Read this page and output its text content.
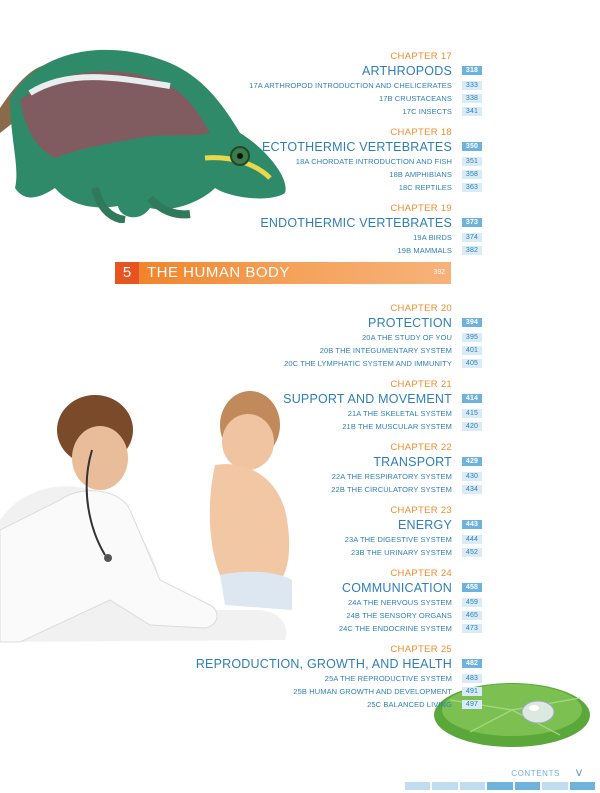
CHAPTER 17
ARTHROPODS	318
17A ARTHROPOD INTRODUCTION AND CHELICERATES	333
17B CRUSTACEANS	338
17C INSECTS	341
CHAPTER 18
ECTOTHERMIC VERTEBRATES	350
18A CHORDATE INTRODUCTION AND FISH	351
18B AMPHIBIANS	358
18C REPTILES	363
CHAPTER 19
ENDOTHERMIC VERTEBRATES	373
19A BIRDS	374
19B MAMMALS	382
5	THE HUMAN BODY	392
CHAPTER 20
PROTECTION	394
20A THE STUDY OF YOU	395
20B THE INTEGUMENTARY SYSTEM	401
20C THE LYMPHATIC SYSTEM AND IMMUNITY	405
CHAPTER 21
SUPPORT AND MOVEMENT	414
21A THE SKELETAL SYSTEM	415
21B THE MUSCULAR SYSTEM	420
CHAPTER 22
TRANSPORT	429
22A THE RESPIRATORY SYSTEM	430
22B THE CIRCULATORY SYSTEM	434
CHAPTER 23
ENERGY	443
23A THE DIGESTIVE SYSTEM	444
23B THE URINARY SYSTEM	452
CHAPTER 24
COMMUNICATION	458
24A THE NERVOUS SYSTEM	459
24B THE SENSORY ORGANS	465
24C THE ENDOCRINE SYSTEM	473
CHAPTER 25
REPRODUCTION, GROWTH, AND HEALTH	482
25A THE REPRODUCTIVE SYSTEM	483
25B HUMAN GROWTH AND DEVELOPMENT	491
25C BALANCED LIVING	497
CONTENTS V
